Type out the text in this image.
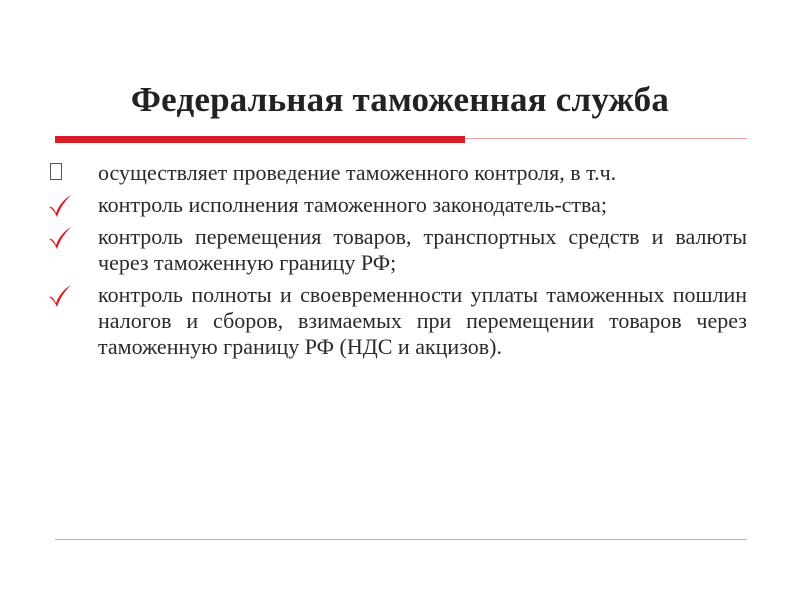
Федеральная таможенная служба
осуществляет проведение таможенного контроля, в т.ч.
контроль исполнения таможенного законодатель-ства;
контроль перемещения товаров, транспортных средств и валюты через таможенную границу РФ;
контроль полноты и своевременности уплаты таможенных пошлин налогов и сборов, взимаемых при перемещении товаров через таможенную границу РФ (НДС и акцизов).
